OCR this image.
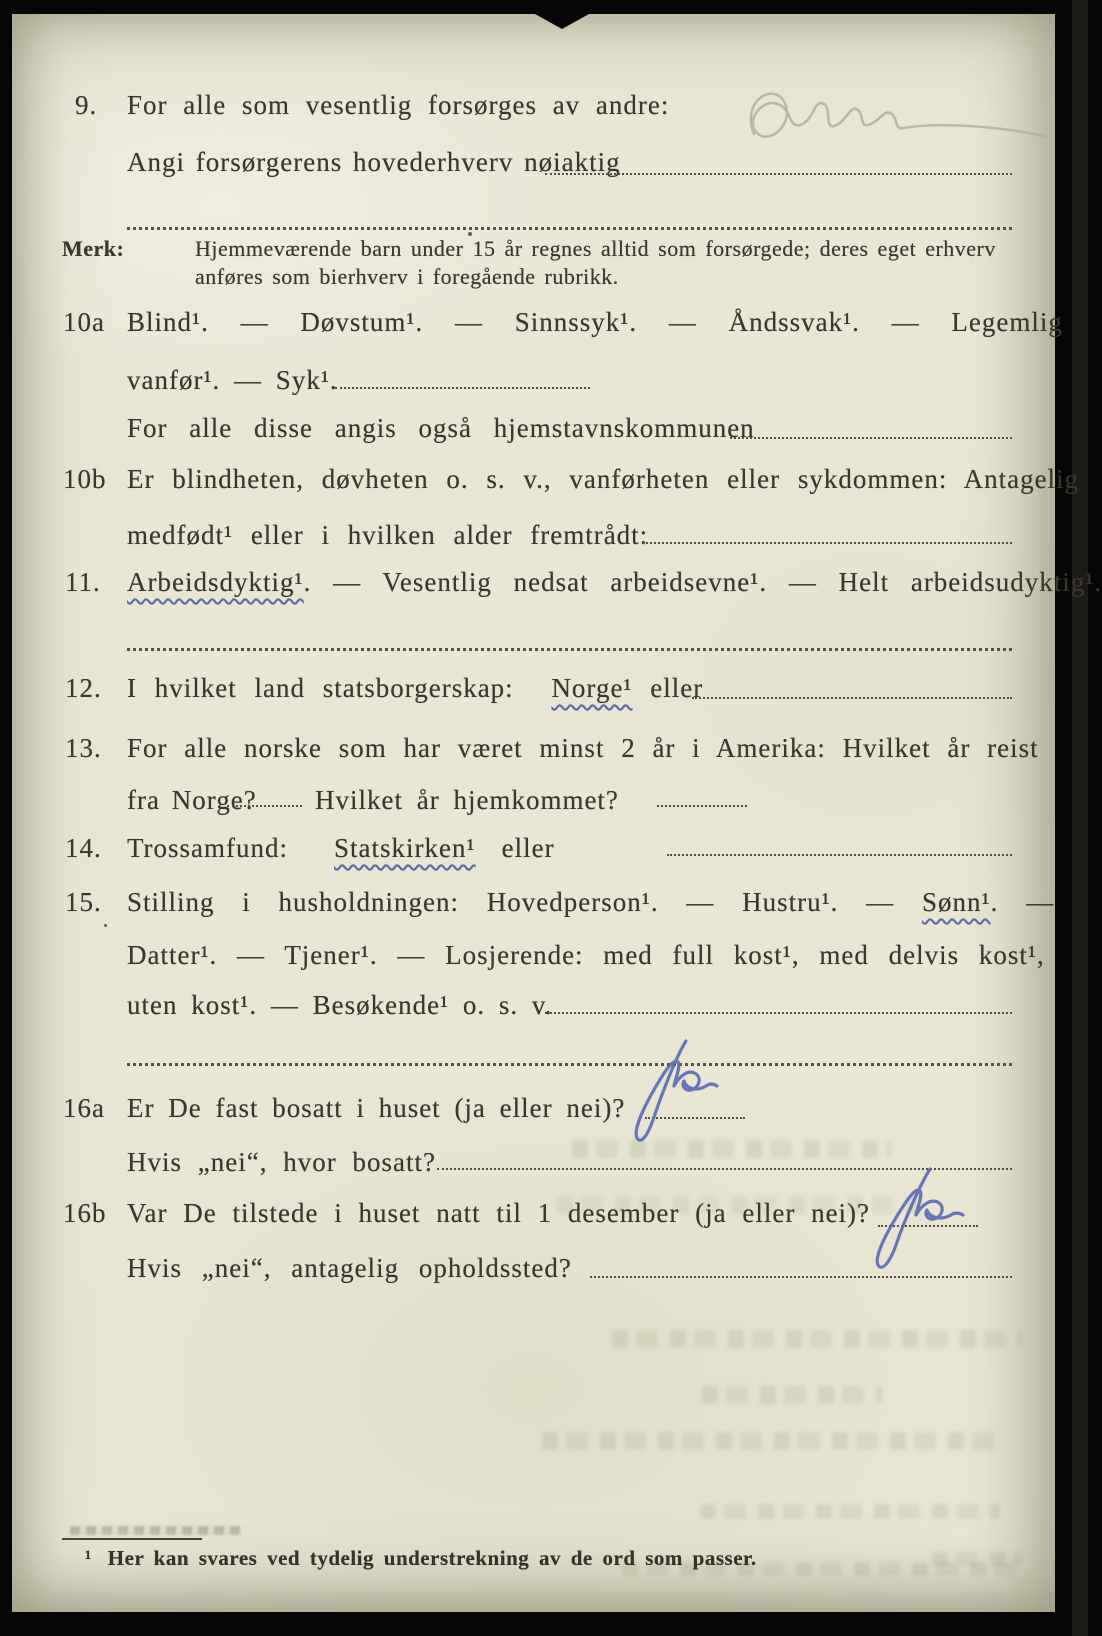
9. For alle som vesentlig forsørges av andre:
Angi forsørgerens hovederhverv nøiaktig
Merk:	Hjemmeværende barn under 15 år regnes alltid som forsørgede; deres eget erhverv
anføres som bierhverv i foregående rubrikk.
10a Blind¹. — Døvstum¹. — Sinnssyk¹. — Åndssvak¹. — Legemlig
vanfør¹. — Syk¹.
For alle disse angis også hjemstavnskommunen
10b Er blindheten, døvheten o. s. v., vanførheten eller sykdommen: Antagelig
medfødt¹ eller i hvilken alder fremtrådt:
11. Arbeidsdyktig¹. — Vesentlig nedsat arbeidsevne¹. — Helt arbeidsudyktig¹.
12. I hvilket land statsborgerskap: Norge¹ eller
13. For alle norske som har været minst 2 år i Amerika: Hvilket år reist
fra Norge? Hvilket år hjemkommet?
14. Trossamfund: Statskirken¹ eller
15. Stilling i husholdningen: Hovedperson¹. — Hustru¹. — Sønn¹. —
Datter¹. — Tjener¹. — Losjerende: med full kost¹, med delvis kost¹,
uten kost¹. — Besøkende¹ o. s. v.
16a Er De fast bosatt i huset (ja eller nei)?
Hvis „nei“, hvor bosatt?
16b Var De tilstede i huset natt til 1 desember (ja eller nei)?
Hvis „nei“, antagelig opholdssted?
¹ Her kan svares ved tydelig understrekning av de ord som passer.
